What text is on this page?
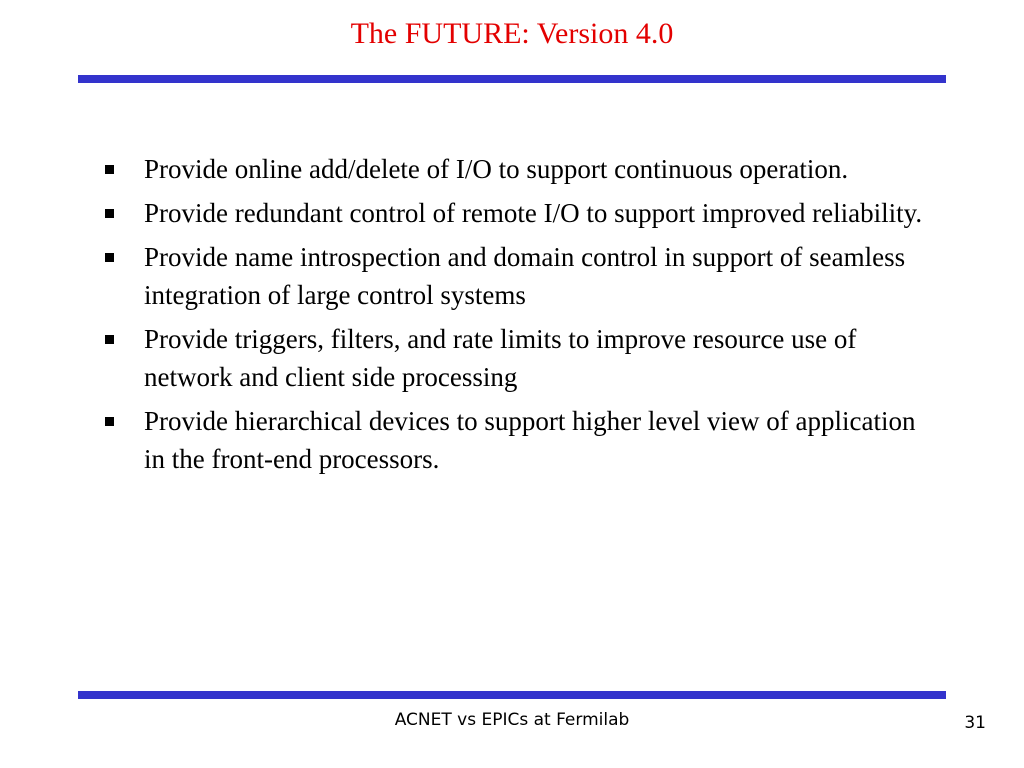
The FUTURE: Version 4.0
Provide online add/delete of I/O to support continuous operation.
Provide redundant control of remote I/O to support improved reliability.
Provide name introspection and domain control in support of seamless integration of large control systems
Provide triggers, filters, and rate limits to improve resource use of network and client side processing
Provide hierarchical devices to support higher level view of application in the front-end processors.
ACNET vs EPICs at Fermilab	31
